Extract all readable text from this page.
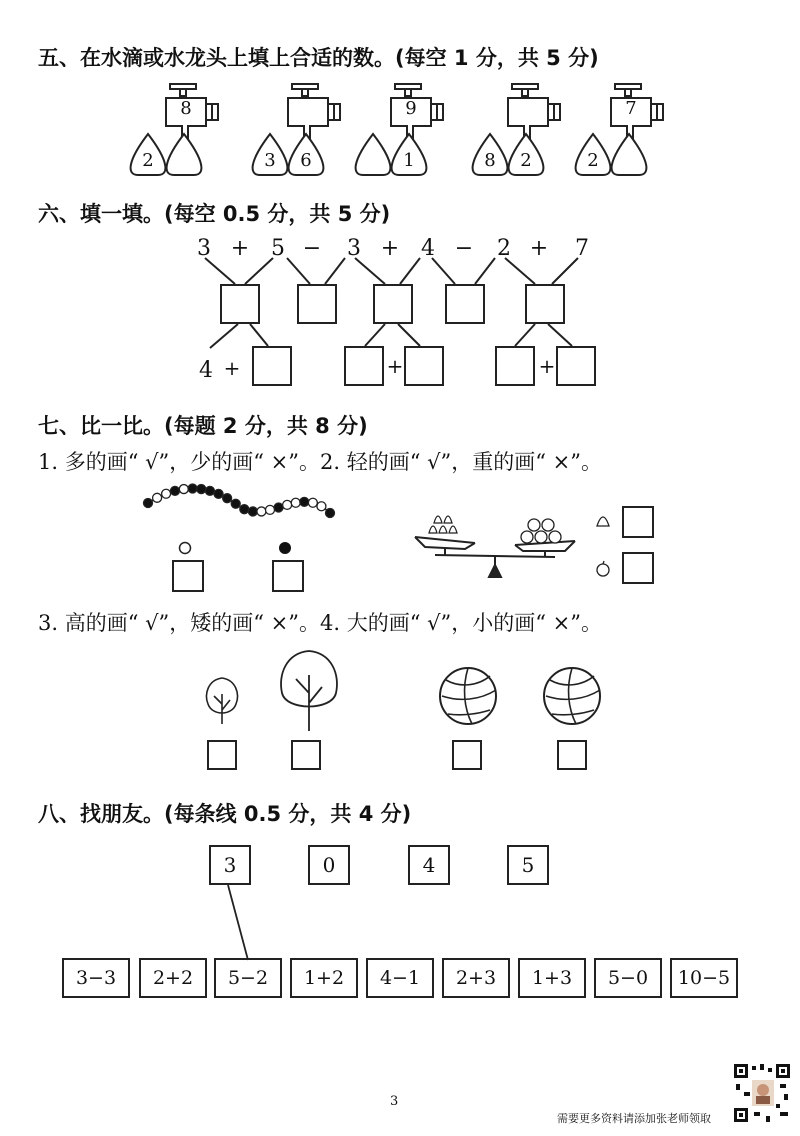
五、在水滴或水龙头上填上合适的数。(每空 1 分，共 5 分)
8
2	3 6
9
1	8 2
7
2
六、填一填。(每空 0.5 分，共 5 分)
3 + 5 − 3 + 4 − 2 + 7
4 +	+	+
七、比一比。(每题 2 分，共 8 分)
1. 多的画“ √”，少的画“ ×”。2. 轻的画“ √”，重的画“ ×”。
3. 高的画“ √”，矮的画“ ×”。4. 大的画“ √”，小的画“ ×”。
八、找朋友。(每条线 0.5 分，共 4 分)
3	0	4	5
3−3	2+2	5−2	1+2	4−1	2+3	1+3	5−0	10−5
3
需要更多资料请添加张老师领取
